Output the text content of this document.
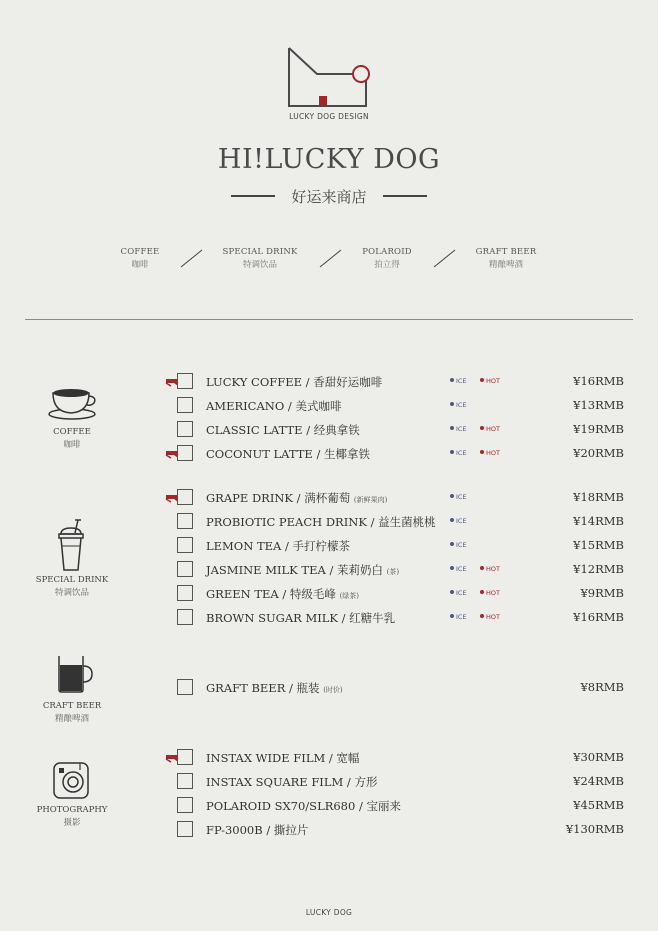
LUCKY DOG DESIGN
HI!LUCKY DOG
好运来商店
COFFEE
咖啡
SPECIAL DRINK
特调饮品
POLAROID
拍立得
GRAFT BEER
精酿啤酒
COFFEE
咖啡
SPECIAL DRINK
特调饮品
CRAFT BEER
精酿啤酒
PHOTOGRAPHY
摄影
LUCKY COFFEE / 香甜好运咖啡	ICE	HOT	¥16RMB
AMERICANO / 美式咖啡	ICE	¥13RMB
CLASSIC LATTE / 经典拿铁	ICE	HOT	¥19RMB
COCONUT LATTE / 生椰拿铁	ICE	HOT	¥20RMB
GRAPE DRINK / 满杯葡萄 (新鲜果肉)	ICE	¥18RMB
PROBIOTIC PEACH DRINK / 益生菌桃桃	ICE	¥14RMB
LEMON TEA / 手打柠檬茶	ICE	¥15RMB
JASMINE MILK TEA / 茉莉奶白 (茶)	ICE	HOT	¥12RMB
GREEN TEA / 特级毛峰 (绿茶)	ICE	HOT	¥9RMB
BROWN SUGAR MILK / 红糖牛乳	ICE	HOT	¥16RMB
GRAFT BEER / 瓶装 (时价)	¥8RMB
INSTAX WIDE FILM / 宽幅	¥30RMB
INSTAX SQUARE FILM / 方形	¥24RMB
POLAROID SX70/SLR680 / 宝丽来	¥45RMB
FP-3000B / 撕拉片	¥130RMB
LUCKY DOG
